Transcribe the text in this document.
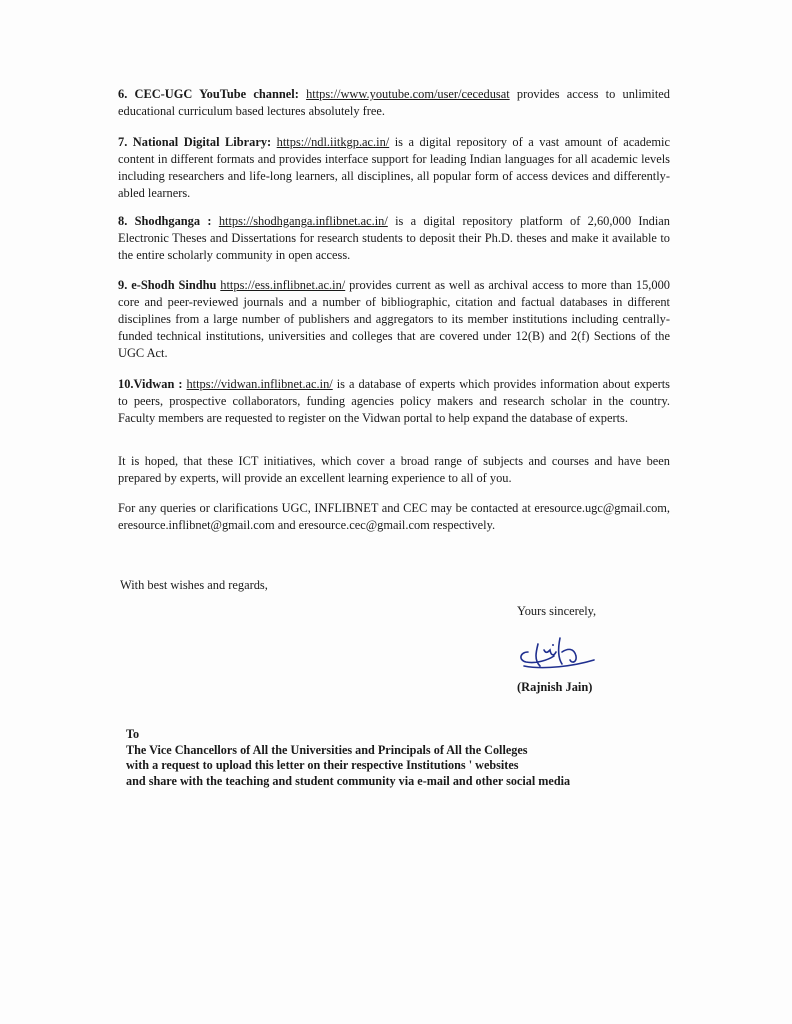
6. CEC-UGC YouTube channel: https://www.youtube.com/user/cecedusat provides access to unlimited educational curriculum based lectures absolutely free.

7. National Digital Library: https://ndl.iitkgp.ac.in/ is a digital repository of a vast amount of academic content in different formats and provides interface support for leading Indian languages for all academic levels including researchers and life-long learners, all disciplines, all popular form of access devices and differently-abled learners.

8. Shodhganga : https://shodhganga.inflibnet.ac.in/ is a digital repository platform of 2,60,000 Indian Electronic Theses and Dissertations for research students to deposit their Ph.D. theses and make it available to the entire scholarly community in open access.

9. e-Shodh Sindhu https://ess.inflibnet.ac.in/ provides current as well as archival access to more than 15,000 core and peer-reviewed journals and a number of bibliographic, citation and factual databases in different disciplines from a large number of publishers and aggregators to its member institutions including centrally-funded technical institutions, universities and colleges that are covered under 12(B) and 2(f) Sections of the UGC Act.

10.Vidwan : https://vidwan.inflibnet.ac.in/ is a database of experts which provides information about experts to peers, prospective collaborators, funding agencies policy makers and research scholar in the country. Faculty members are requested to register on the Vidwan portal to help expand the database of experts.

It is hoped, that these ICT initiatives, which cover a broad range of subjects and courses and have been prepared by experts, will provide an excellent learning experience to all of you.

For any queries or clarifications UGC, INFLIBNET and CEC may be contacted at eresource.ugc@gmail.com, eresource.inflibnet@gmail.com and eresource.cec@gmail.com respectively.

With best wishes and regards,
Yours sincerely,
(Rajnish Jain)
To
The Vice Chancellors of All the Universities and Principals of All the Colleges
with a request to upload this letter on their respective Institutions ' websites
and share with the teaching and student community via e-mail and other social media
